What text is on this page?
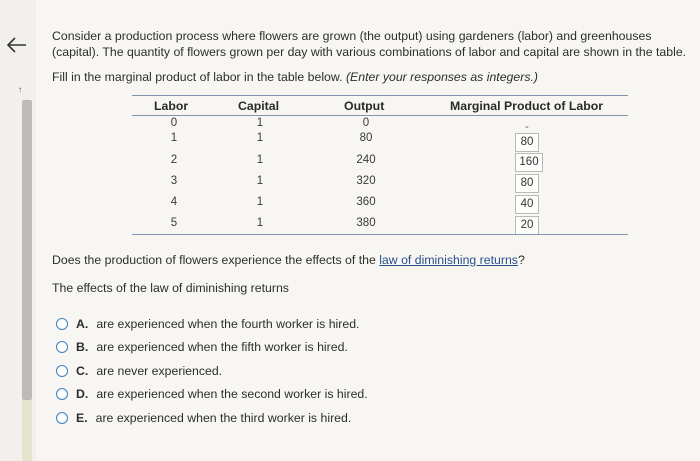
↑
Consider a production process where flowers are grown (the output) using gardeners (labor) and greenhouses (capital). The quantity of flowers grown per day with various combinations of labor and capital are shown in the table.
Fill in the marginal product of labor in the table below. (Enter your responses as integers.)
Labor	Capital	Output	Marginal Product of Labor
0	1	0	-
1	1	80	80
2	1	240	160
3	1	320	80
4	1	360	40
5	1	380	20
Does the production of flowers experience the effects of the law of diminishing returns?
The effects of the law of diminishing returns
A. are experienced when the fourth worker is hired.
B. are experienced when the fifth worker is hired.
C. are never experienced.
D. are experienced when the second worker is hired.
E. are experienced when the third worker is hired.
